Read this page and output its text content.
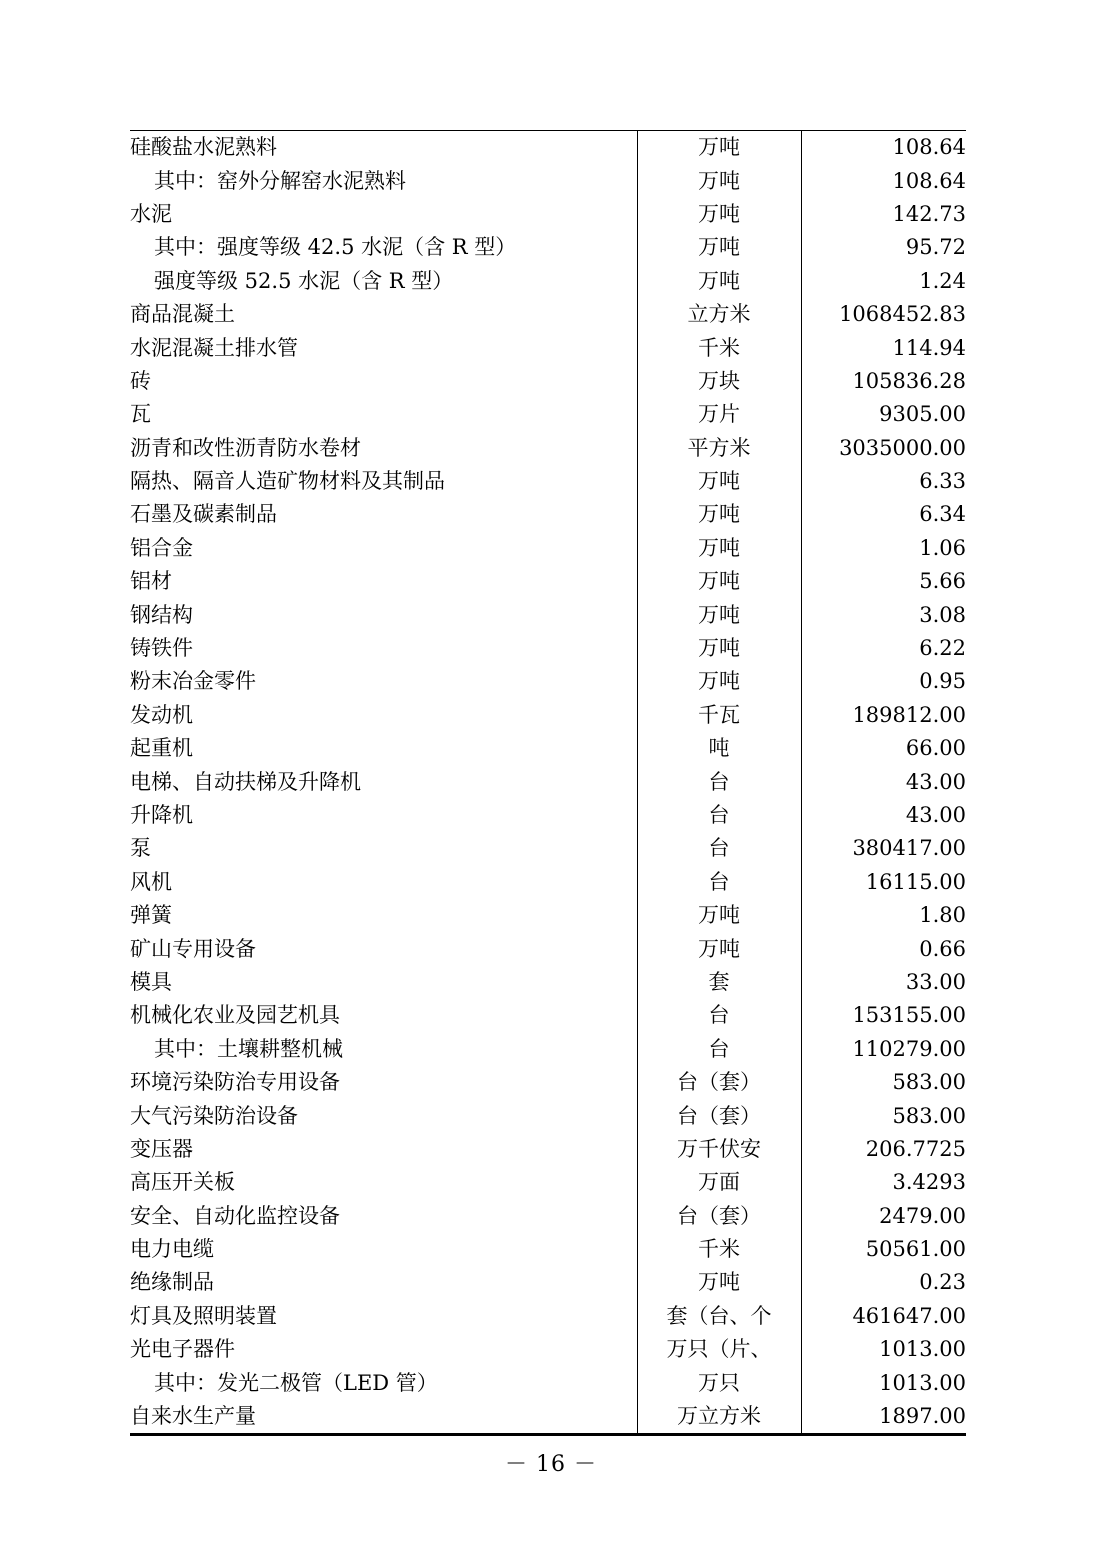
硅酸盐水泥熟料	万吨	108.64
其中：窑外分解窑水泥熟料	万吨	108.64
水泥	万吨	142.73
其中：强度等级 42.5 水泥（含 R 型）	万吨	95.72
强度等级 52.5 水泥（含 R 型）	万吨	1.24
商品混凝土	立方米	1068452.83
水泥混凝土排水管	千米	114.94
砖	万块	105836.28
瓦	万片	9305.00
沥青和改性沥青防水卷材	平方米	3035000.00
隔热、隔音人造矿物材料及其制品	万吨	6.33
石墨及碳素制品	万吨	6.34
铝合金	万吨	1.06
铝材	万吨	5.66
钢结构	万吨	3.08
铸铁件	万吨	6.22
粉末冶金零件	万吨	0.95
发动机	千瓦	189812.00
起重机	吨	66.00
电梯、自动扶梯及升降机	台	43.00
升降机	台	43.00
泵	台	380417.00
风机	台	16115.00
弹簧	万吨	1.80
矿山专用设备	万吨	0.66
模具	套	33.00
机械化农业及园艺机具	台	153155.00
其中：土壤耕整机械	台	110279.00
环境污染防治专用设备	台（套）	583.00
大气污染防治设备	台（套）	583.00
变压器	万千伏安	206.7725
高压开关板	万面	3.4293
安全、自动化监控设备	台（套）	2479.00
电力电缆	千米	50561.00
绝缘制品	万吨	0.23
灯具及照明装置	套（台、个	461647.00
光电子器件	万只（片、	1013.00
其中：发光二极管（LED 管）	万只	1013.00
自来水生产量	万立方米	1897.00
－ 16 －
